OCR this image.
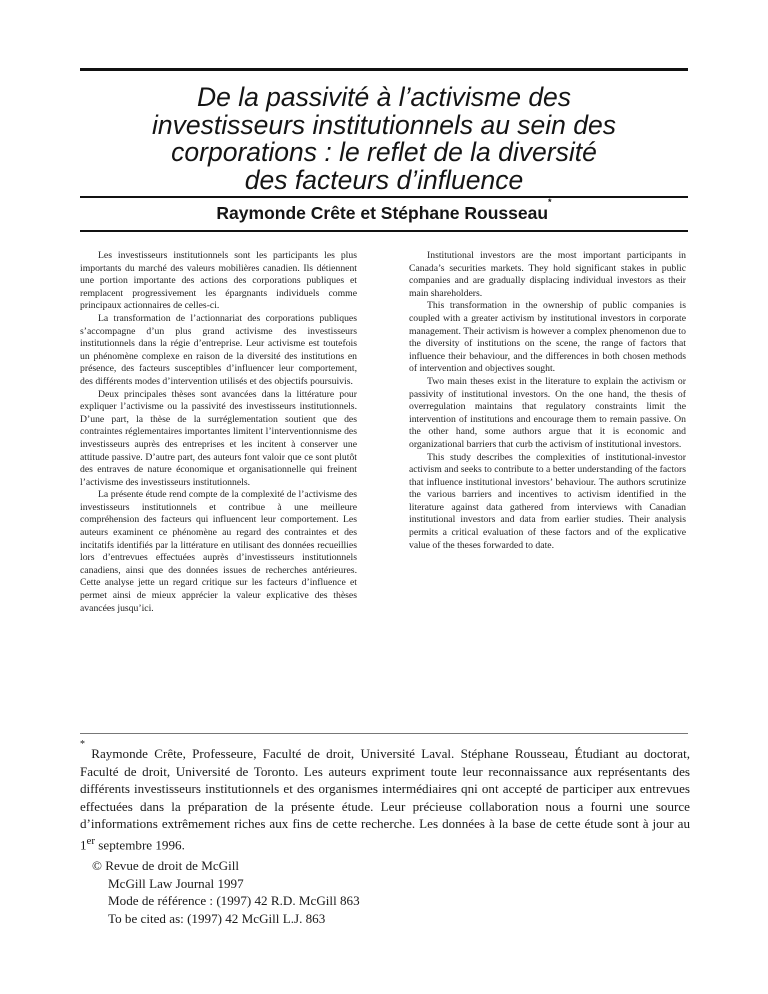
De la passivité à l’activisme des
investisseurs institutionnels au sein des
corporations : le reflet de la diversité
des facteurs d’influence
Raymonde Crête et Stéphane Rousseau*

Les investisseurs institutionnels sont les participants les plus importants du marché des valeurs mobilières canadien. Ils détiennent une portion importante des actions des corporations publiques et remplacent progressivement les épargnants individuels comme principaux actionnaires de celles-ci.

La transformation de l’actionnariat des corporations publiques s’accompagne d’un plus grand activisme des investisseurs institutionnels dans la régie d’entreprise. Leur activisme est toutefois un phénomène complexe en raison de la diversité des institutions en présence, des facteurs susceptibles d’influencer leur comportement, des différents modes d’intervention utilisés et des objectifs poursuivis.

Deux principales thèses sont avancées dans la littérature pour expliquer l’activisme ou la passivité des investisseurs institutionnels. D’une part, la thèse de la surréglementation soutient que des contraintes réglementaires importantes limitent l’interventionnisme des investisseurs auprès des entreprises et les incitent à conserver une attitude passive. D’autre part, des auteurs font valoir que ce sont plutôt des entraves de nature économique et organisationnelle qui freinent l’activisme des investisseurs institutionnels.

La présente étude rend compte de la complexité de l’activisme des investisseurs institutionnels et contribue à une meilleure compréhension des facteurs qui influencent leur comportement. Les auteurs examinent ce phénomène au regard des contraintes et des incitatifs identifiés par la littérature en utilisant des données recueillies lors d’entrevues effectuées auprès d’investisseurs institutionnels canadiens, ainsi que des données issues de recherches antérieures. Cette analyse jette un regard critique sur les facteurs d’influence et permet ainsi de mieux apprécier la valeur explicative des thèses avancées jusqu’ici.

Institutional investors are the most important participants in Canada’s securities markets. They hold significant stakes in public companies and are gradually displacing individual investors as their main shareholders.

This transformation in the ownership of public companies is coupled with a greater activism by institutional investors in corporate management. Their activism is however a complex phenomenon due to the diversity of institutions on the scene, the range of factors that influence their behaviour, and the differences in both chosen methods of intervention and objectives sought.

Two main theses exist in the literature to explain the activism or passivity of institutional investors. On the one hand, the thesis of overregulation maintains that regulatory constraints limit the intervention of institutions and encourage them to remain passive. On the other hand, some authors argue that it is economic and organizational barriers that curb the activism of institutional investors.

This study describes the complexities of institutional-investor activism and seeks to contribute to a better understanding of the factors that influence institutional investors’ behaviour. The authors scrutinize the various barriers and incentives to activism identified in the literature against data gathered from interviews with Canadian institutional investors and data from earlier studies. Their analysis permits a critical evaluation of these factors and of the explicative value of the theses forwarded to date.

* Raymonde Crête, Professeure, Faculté de droit, Université Laval. Stéphane Rousseau, Étudiant au doctorat, Faculté de droit, Université de Toronto. Les auteurs expriment toute leur reconnaissance aux représentants des différents investisseurs institutionnels et des organismes intermédiaires qni ont accepté de participer aux entrevues effectuées dans la préparation de la présente étude. Leur précieuse collaboration nous a fourni une source d’informations extrêmement riches aux fins de cette recherche. Les données à la base de cette étude sont à jour au 1er septembre 1996.

© Revue de droit de McGill
McGill Law Journal 1997
Mode de référence : (1997) 42 R.D. McGill 863
To be cited as: (1997) 42 McGill L.J. 863
